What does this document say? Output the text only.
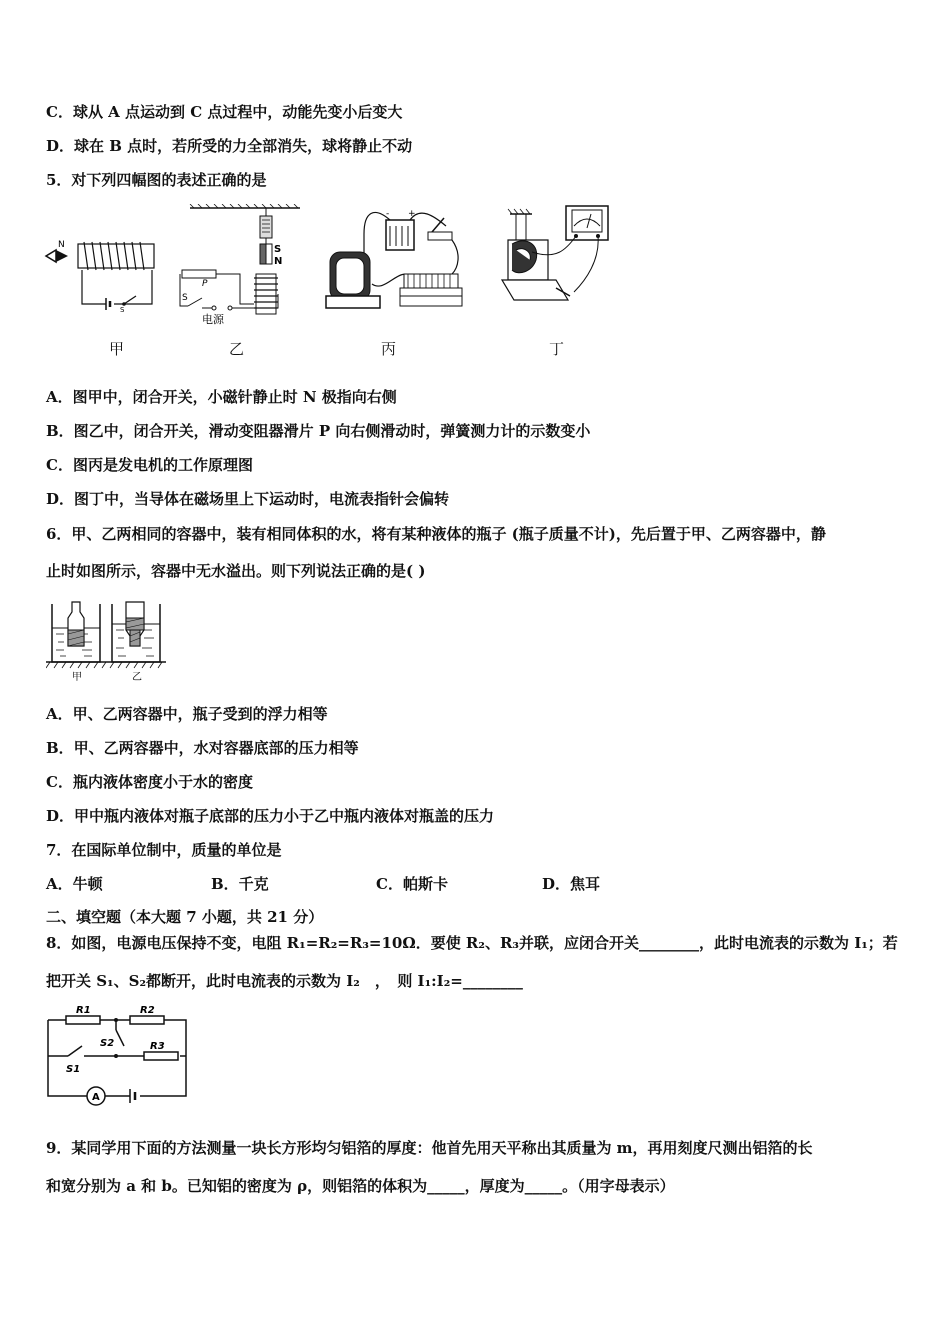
C．球从 A 点运动到 C 点过程中，动能先变小后变大
D．球在 B 点时，若所受的力全部消失，球将静止不动
5．对下列四幅图的表述正确的是
N
S
S
N
P
S
电源
- +
甲	乙	丙	丁
A．图甲中，闭合开关，小磁针静止时 N 极指向右侧
B．图乙中，闭合开关，滑动变阻器滑片 P 向右侧滑动时，弹簧测力计的示数变小
C．图丙是发电机的工作原理图
D．图丁中，当导体在磁场里上下运动时，电流表指针会偏转
6．甲、乙两相同的容器中，装有相同体积的水，将有某种液体的瓶子 (瓶子质量不计)，先后置于甲、乙两容器中，静
止时如图所示，容器中无水溢出。则下列说法正确的是( )
甲	乙
A．甲、乙两容器中，瓶子受到的浮力相等
B．甲、乙两容器中，水对容器底部的压力相等
C．瓶内液体密度小于水的密度
D．甲中瓶内液体对瓶子底部的压力小于乙中瓶内液体对瓶盖的压力
7．在国际单位制中，质量的单位是
A．牛顿	B．千克	C．帕斯卡	D．焦耳
二、填空题（本大题 7 小题，共 21 分）
8．如图，电源电压保持不变，电阻 R₁=R₂=R₃=10Ω．要使 R₂、R₃并联，应闭合开关________，此时电流表的示数为 I₁；若
把开关 S₁、S₂都断开，此时电流表的示数为 I₂　，　则 I₁:I₂=________
R1	R2
S2
S1
R3
A
9．某同学用下面的方法测量一块长方形均匀铝箔的厚度：他首先用天平称出其质量为 m，再用刻度尺测出铝箔的长
和宽分别为 a 和 b。已知铝的密度为 ρ，则铝箔的体积为_____，厚度为_____。（用字母表示）
